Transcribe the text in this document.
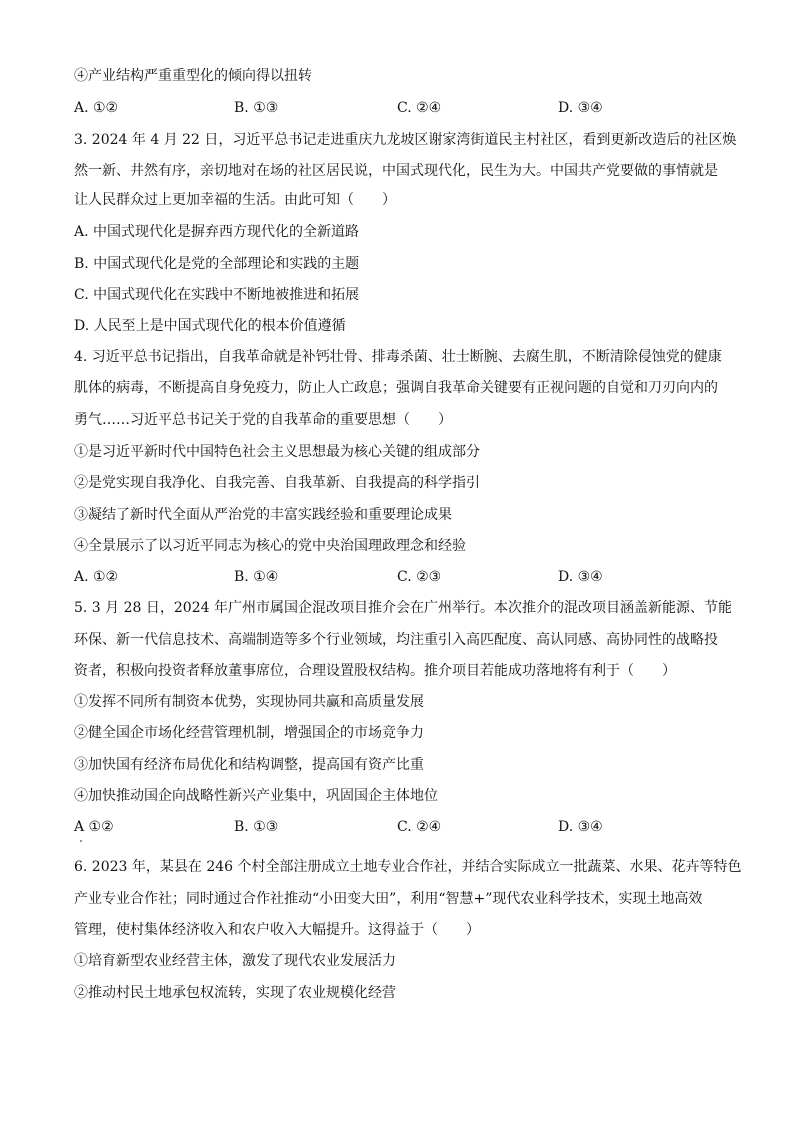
④产业结构严重重型化的倾向得以扭转
A. ①②	B. ①③	C. ②④	D. ③④
3. 2024 年 4 月 22 日，习近平总书记走进重庆九龙坡区谢家湾街道民主村社区，看到更新改造后的社区焕
然一新、井然有序，亲切地对在场的社区居民说，中国式现代化，民生为大。中国共产党要做的事情就是
让人民群众过上更加幸福的生活。由此可知（　　）
A. 中国式现代化是摒弃西方现代化的全新道路
B. 中国式现代化是党的全部理论和实践的主题
C. 中国式现代化在实践中不断地被推进和拓展
D. 人民至上是中国式现代化的根本价值遵循
4. 习近平总书记指出，自我革命就是补钙壮骨、排毒杀菌、壮士断腕、去腐生肌，不断清除侵蚀党的健康
肌体的病毒，不断提高自身免疫力，防止人亡政息；强调自我革命关键要有正视问题的自觉和刀刃向内的
勇气……习近平总书记关于党的自我革命的重要思想（　　）
①是习近平新时代中国特色社会主义思想最为核心关键的组成部分
②是党实现自我净化、自我完善、自我革新、自我提高的科学指引
③凝结了新时代全面从严治党的丰富实践经验和重要理论成果
④全景展示了以习近平同志为核心的党中央治国理政理念和经验
A. ①②	B. ①④	C. ②③	D. ③④
5. 3 月 28 日，2024 年广州市属国企混改项目推介会在广州举行。本次推介的混改项目涵盖新能源、节能
环保、新一代信息技术、高端制造等多个行业领域，均注重引入高匹配度、高认同感、高协同性的战略投
资者，积极向投资者释放董事席位，合理设置股权结构。推介项目若能成功落地将有利于（　　）
①发挥不同所有制资本优势，实现协同共赢和高质量发展
②健全国企市场化经营管理机制，增强国企的市场竞争力
③加快国有经济布局优化和结构调整，提高国有资产比重
④加快推动国企向战略性新兴产业集中，巩固国企主体地位
A ①②	B. ①③	C. ②④	D. ③④
6. 2023 年，某县在 246 个村全部注册成立土地专业合作社，并结合实际成立一批蔬菜、水果、花卉等特色
产业专业合作社；同时通过合作社推动“小田变大田”，利用“智慧+”现代农业科学技术，实现土地高效
管理，使村集体经济收入和农户收入大幅提升。这得益于（　　）
①培育新型农业经营主体，激发了现代农业发展活力
②推动村民土地承包权流转，实现了农业规模化经营
